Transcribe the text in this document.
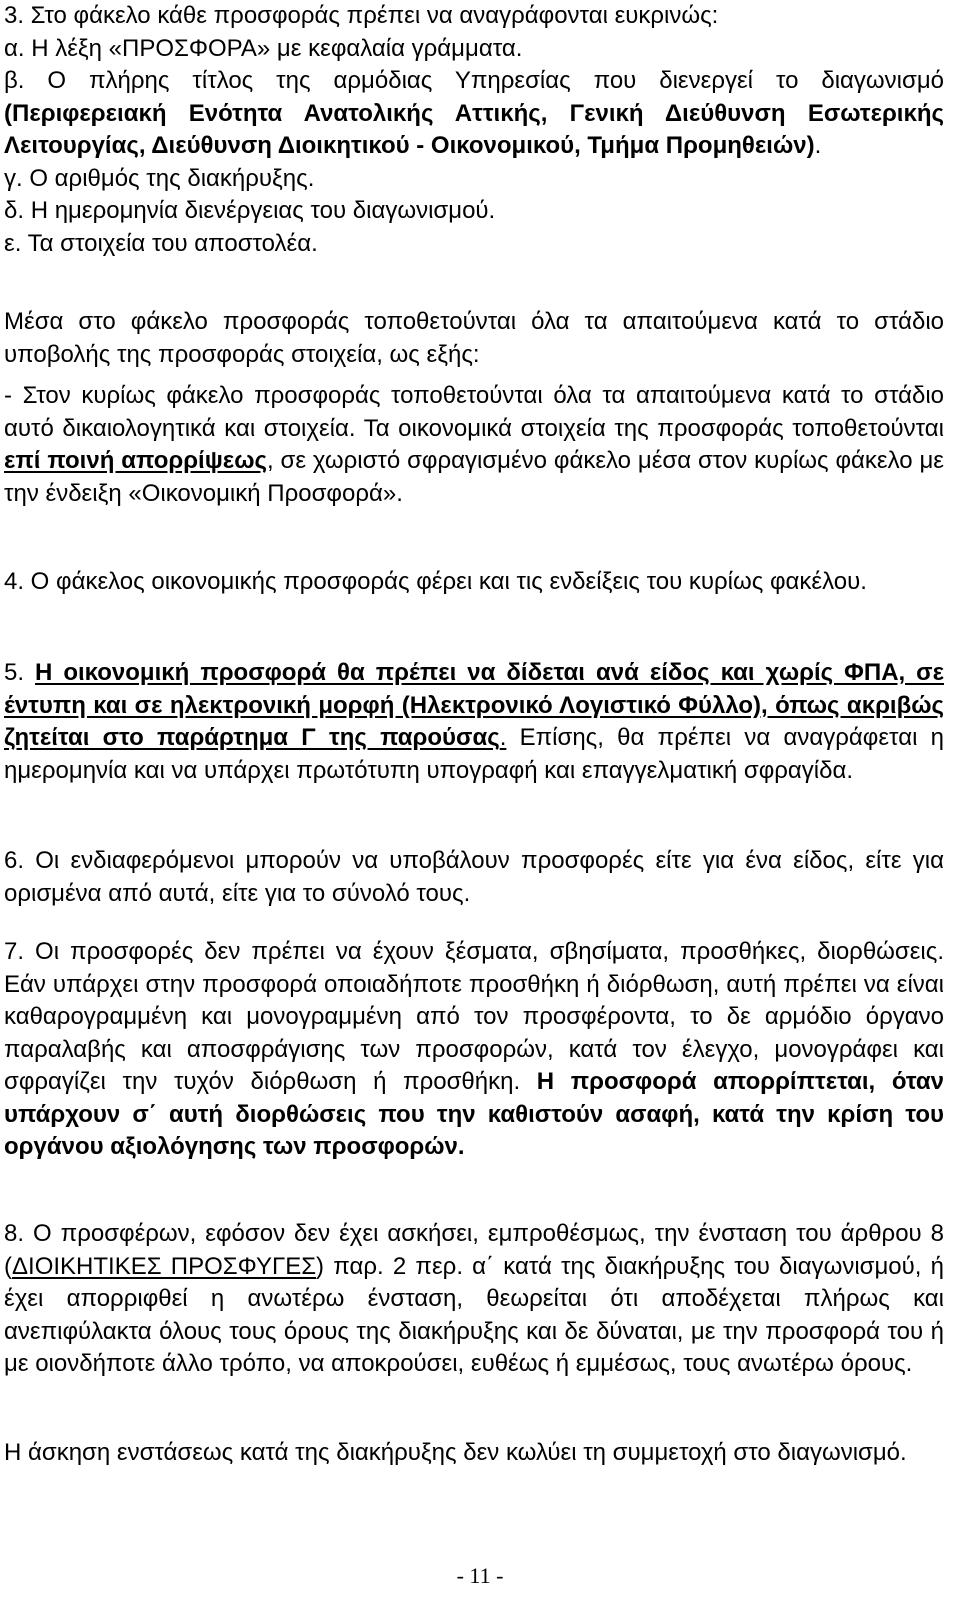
3. Στο φάκελο κάθε προσφοράς πρέπει να αναγράφονται ευκρινώς:
α. Η λέξη «ΠΡΟΣΦΟΡΑ» με κεφαλαία γράμματα.
β. Ο πλήρης τίτλος της αρμόδιας Υπηρεσίας που διενεργεί το διαγωνισμό (Περιφερειακή Ενότητα Ανατολικής Αττικής, Γενική Διεύθυνση Εσωτερικής Λειτουργίας, Διεύθυνση Διοικητικού - Οικονομικού, Τμήμα Προμηθειών).
γ. Ο αριθμός της διακήρυξης.
δ. Η ημερομηνία διενέργειας του διαγωνισμού.
ε. Τα στοιχεία του αποστολέα.

Μέσα στο φάκελο προσφοράς τοποθετούνται όλα τα απαιτούμενα κατά το στάδιο υποβολής της προσφοράς στοιχεία, ως εξής:

- Στον κυρίως φάκελο προσφοράς τοποθετούνται όλα τα απαιτούμενα κατά το στάδιο αυτό δικαιολογητικά και στοιχεία. Τα οικονομικά στοιχεία της προσφοράς τοποθετούνται επί ποινή απορρίψεως, σε χωριστό σφραγισμένο φάκελο μέσα στον κυρίως φάκελο με την ένδειξη «Οικονομική Προσφορά».

4. Ο φάκελος οικονομικής προσφοράς φέρει και τις ενδείξεις του κυρίως φακέλου.

5. Η οικονομική προσφορά θα πρέπει να δίδεται ανά είδος και χωρίς ΦΠΑ, σε έντυπη και σε ηλεκτρονική μορφή (Ηλεκτρονικό Λογιστικό Φύλλο), όπως ακριβώς ζητείται στο παράρτημα Γ της παρούσας. Επίσης, θα πρέπει να αναγράφεται η ημερομηνία και να υπάρχει πρωτότυπη υπογραφή και επαγγελματική σφραγίδα.

6. Οι ενδιαφερόμενοι μπορούν να υποβάλουν προσφορές είτε για ένα είδος, είτε για ορισμένα από αυτά, είτε για το σύνολό τους.

7. Οι προσφορές δεν πρέπει να έχουν ξέσματα, σβησίματα, προσθήκες, διορθώσεις. Εάν υπάρχει στην προσφορά οποιαδήποτε προσθήκη ή διόρθωση, αυτή πρέπει να είναι καθαρογραμμένη και μονογραμμένη από τον προσφέροντα, το δε αρμόδιο όργανο παραλαβής και αποσφράγισης των προσφορών, κατά τον έλεγχο, μονογράφει και σφραγίζει την τυχόν διόρθωση ή προσθήκη. Η προσφορά απορρίπτεται, όταν υπάρχουν σ΄ αυτή διορθώσεις που την καθιστούν ασαφή, κατά την κρίση του οργάνου αξιολόγησης των προσφορών.

8. Ο προσφέρων, εφόσον δεν έχει ασκήσει, εμπροθέσμως, την ένσταση του άρθρου 8 (ΔΙΟΙΚΗΤΙΚΕΣ ΠΡΟΣΦΥΓΕΣ) παρ. 2 περ. α΄ κατά της διακήρυξης του διαγωνισμού, ή έχει απορριφθεί η ανωτέρω ένσταση, θεωρείται ότι αποδέχεται πλήρως και ανεπιφύλακτα όλους τους όρους της διακήρυξης και δε δύναται, με την προσφορά του ή με οιονδήποτε άλλο τρόπο, να αποκρούσει, ευθέως ή εμμέσως, τους ανωτέρω όρους.

Η άσκηση ενστάσεως κατά της διακήρυξης δεν κωλύει τη συμμετοχή στο διαγωνισμό.

- 11 -
